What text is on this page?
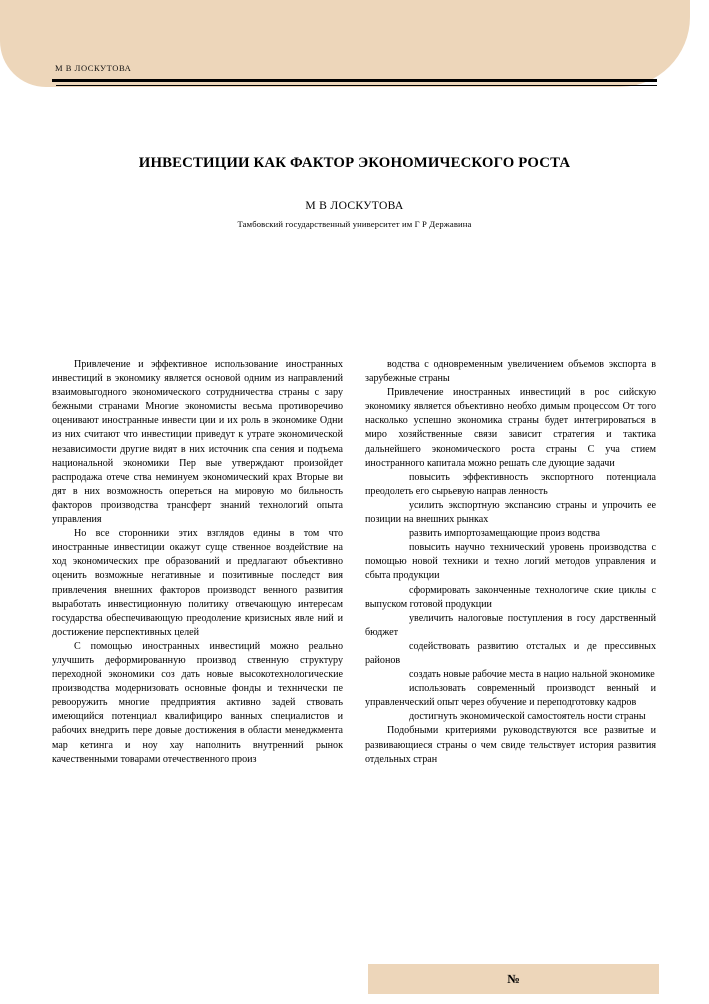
М В ЛОСКУТОВА
ИНВЕСТИЦИИ КАК ФАКТОР ЭКОНОМИЧЕСКОГО РОСТА
М В ЛОСКУТОВА
Тамбовский государственный университет им Г Р Державина

Привлечение и эффективное использование иностранных инвестиций в экономику является основой одним из направлений взаимовыгодного экономического сотрудничества страны с зару бежными странами Многие экономисты весьма противоречиво оценивают иностранные инвести ции и их роль в экономике Одни из них считают что инвестиции приведут к утрате экономической независимости другие видят в них источник спа сения и подъема национальной экономики Пер вые утверждают произойдет распродажа отече ства неминуем экономический крах Вторые ви дят в них возможность опереться на мировую мо бильность факторов производства трансферт знаний технологий опыта управления

Но все сторонники этих взглядов едины в том что иностранные инвестиции окажут суще ственное воздействие на ход экономических пре образований и предлагают объективно оценить возможные негативные и позитивные последст вия привлечения внешних факторов производст венного развития выработать инвестиционную политику отвечающую интересам государства обеспечивающую преодоление кризисных явле ний и достижение перспективных целей

С помощью иностранных инвестиций можно реально улучшить деформированную производ ственную структуру переходной экономики соз дать новые высокотехнологические производства модернизовать основные фонды и техннчески пе ревооружить многие предприятия активно задей ствовать имеющийся потенциал квалифициро ванных специалистов и рабочих внедрить пере довые достижения в области менеджмента мар кетинга и ноу хау наполнить внутренний рынок качественными товарами отечественного произ

водства с одновременным увеличением объемов экспорта в зарубежные страны

Привлечение иностранных инвестиций в рос сийскую экономику является объективно необхо димым процессом От того насколько успешно экономика страны будет интегрироваться в миро хозяйственные связи зависит стратегия и тактика дальнейшего экономического роста страны С уча стием иностранного капитала можно решать сле дующие задачи

повысить эффективность экспортного потенциала преодолеть его сырьевую направ ленность

усилить экспортную экспансию страны и упрочить ее позиции на внешних рынках

развить импортозамещающие произ водства

повысить научно технический уровень производства с помощью новой техники и техно логий методов управления и сбыта продукции

сформировать законченные технологиче ские циклы с выпуском готовой продукции

увеличить налоговые поступления в госу дарственный бюджет

содействовать развитию отсталых и де прессивных районов

создать новые рабочие места в нацио нальной экономике

использовать современный производст венный и управленческий опыт через обучение и переподготовку кадров

достигнуть экономической самостоятель ности страны

Подобными критериями руководствуются все развитые и развивающиеся страны о чем свиде тельствует история развития отдельных стран

№
